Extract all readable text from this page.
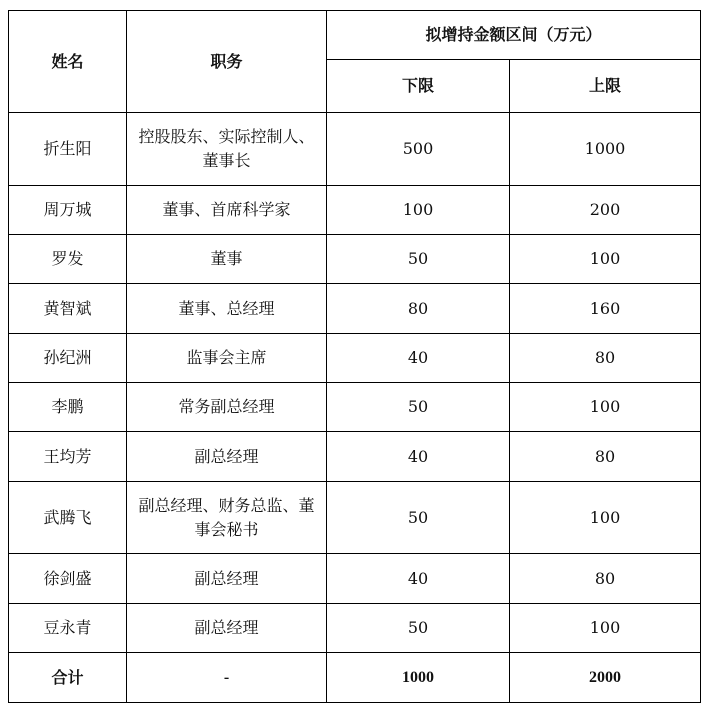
姓名	职务	拟增持金额区间（万元）	
		下限	上限
折生阳	控股股东、实际控制人、董事长	500	1000
周万城	董事、首席科学家	100	200
罗发	董事	50	100
黄智斌	董事、总经理	80	160
孙纪洲	监事会主席	40	80
李鹏	常务副总经理	50	100
王均芳	副总经理	40	80
武腾飞	副总经理、财务总监、董事会秘书	50	100
徐剑盛	副总经理	40	80
豆永青	副总经理	50	100
合计	-	1000	2000
